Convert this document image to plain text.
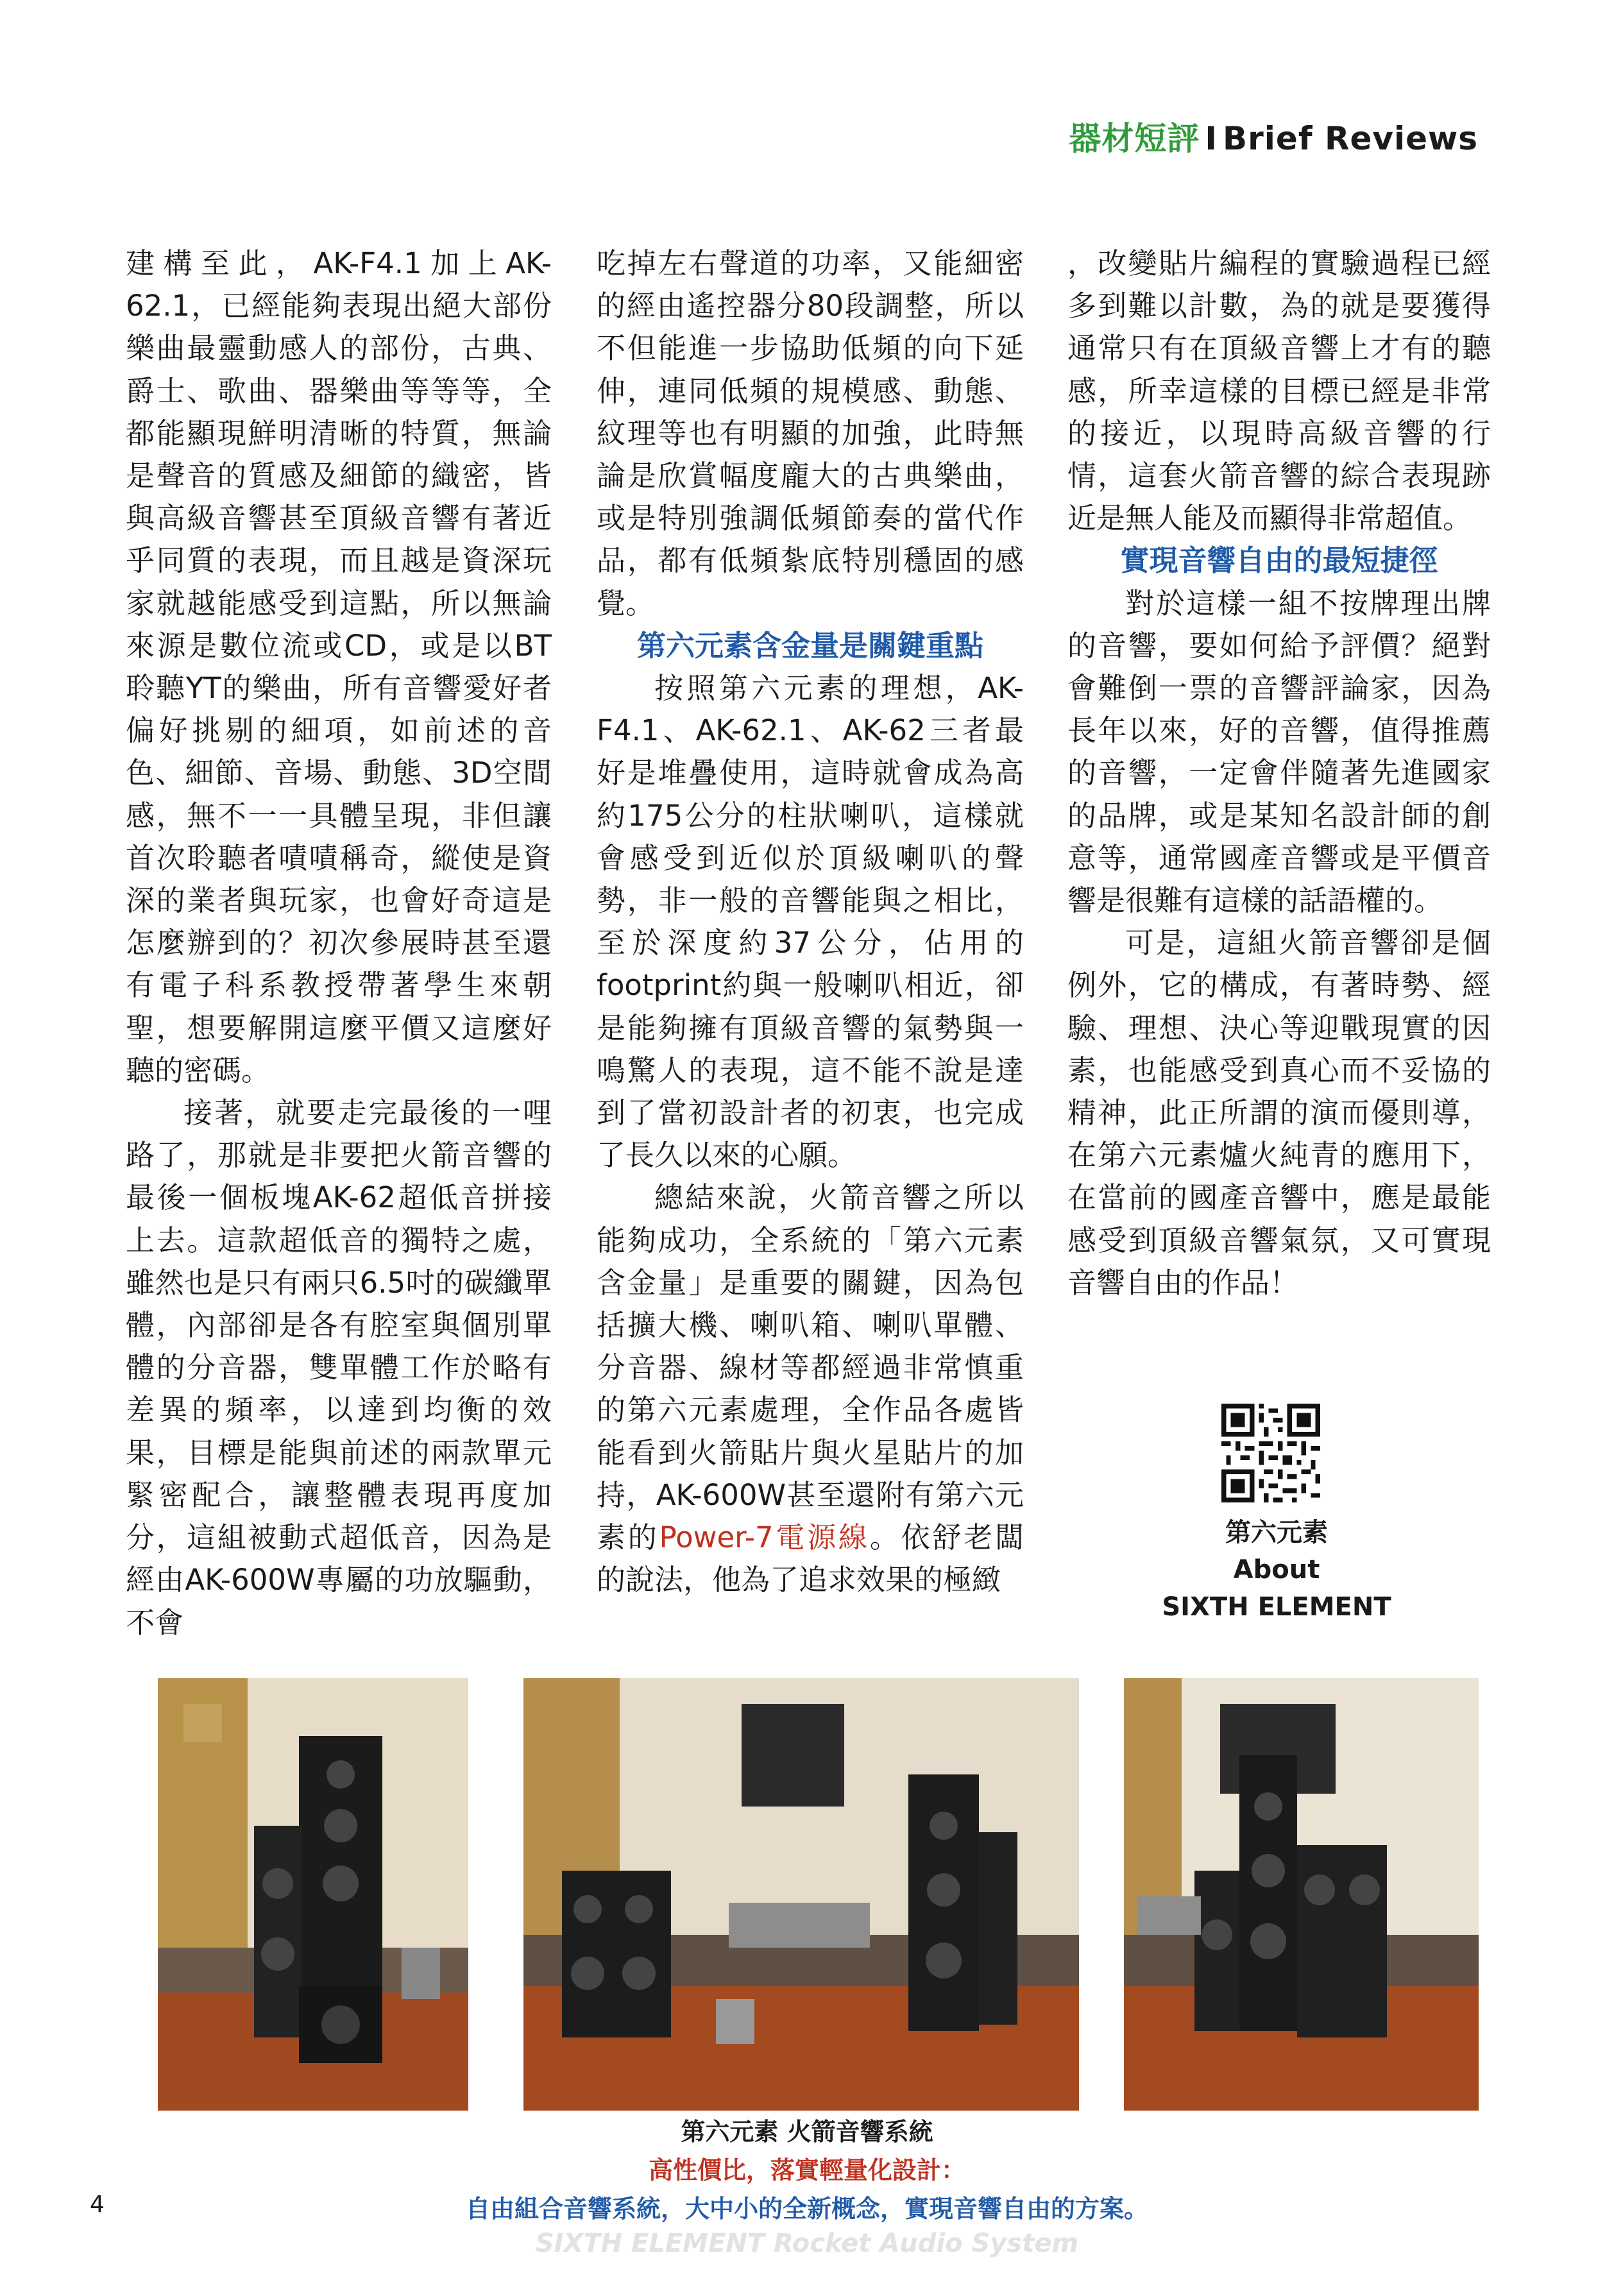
器材短評 I Brief Reviews

建構至此，AK-F4.1加上AK-62.1，已經能夠表現出絕大部份樂曲最靈動感人的部份，古典、爵士、歌曲、器樂曲等等等，全都能顯現鮮明清晰的特質，無論是聲音的質感及細節的織密，皆與高級音響甚至頂級音響有著近乎同質的表現，而且越是資深玩家就越能感受到這點，所以無論來源是數位流或CD，或是以BT聆聽YT的樂曲，所有音響愛好者偏好挑剔的細項，如前述的音色、細節、音場、動態、3D空間感，無不一一具體呈現，非但讓首次聆聽者嘖嘖稱奇，縱使是資深的業者與玩家，也會好奇這是怎麼辦到的？初次參展時甚至還有電子科系教授帶著學生來朝聖，想要解開這麼平價又這麼好聽的密碼。

接著，就要走完最後的一哩路了，那就是非要把火箭音響的最後一個板塊AK-62超低音拼接上去。這款超低音的獨特之處，雖然也是只有兩只6.5吋的碳纖單體，內部卻是各有腔室與個別單體的分音器，雙單體工作於略有差異的頻率，以達到均衡的效果，目標是能與前述的兩款單元緊密配合，讓整體表現再度加分，這組被動式超低音，因為是經由AK-600W專屬的功放驅動，不會

吃掉左右聲道的功率，又能細密的經由遙控器分80段調整，所以不但能進一步協助低頻的向下延伸，連同低頻的規模感、動態、紋理等也有明顯的加強，此時無論是欣賞幅度龐大的古典樂曲，或是特別強調低頻節奏的當代作品，都有低頻紮底特別穩固的感覺。

第六元素含金量是關鍵重點

按照第六元素的理想，AK-F4.1、AK-62.1、AK-62三者最好是堆疊使用，這時就會成為高約175公分的柱狀喇叭，這樣就會感受到近似於頂級喇叭的聲勢，非一般的音響能與之相比，至於深度約37公分，佔用的footprint約與一般喇叭相近，卻是能夠擁有頂級音響的氣勢與一鳴驚人的表現，這不能不說是達到了當初設計者的初衷，也完成了長久以來的心願。

總結來說，火箭音響之所以能夠成功，全系統的「第六元素含金量」是重要的關鍵，因為包括擴大機、喇叭箱、喇叭單體、分音器、線材等都經過非常慎重的第六元素處理，全作品各處皆能看到火箭貼片與火星貼片的加持，AK-600W甚至還附有第六元素的Power-7電源線。依舒老闆的說法，他為了追求效果的極緻

，改變貼片編程的實驗過程已經多到難以計數，為的就是要獲得通常只有在頂級音響上才有的聽感，所幸這樣的目標已經是非常的接近，以現時高級音響的行情，這套火箭音響的綜合表現跡近是無人能及而顯得非常超值。

實現音響自由的最短捷徑

對於這樣一組不按牌理出牌的音響，要如何給予評價？絕對會難倒一票的音響評論家，因為長年以來，好的音響，值得推薦的音響，一定會伴隨著先進國家的品牌，或是某知名設計師的創意等，通常國產音響或是平價音響是很難有這樣的話語權的。

可是，這組火箭音響卻是個例外，它的構成，有著時勢、經驗、理想、決心等迎戰現實的因素，也能感受到真心而不妥協的精神，此正所謂的演而優則導，在第六元素爐火純青的應用下，在當前的國產音響中，應是最能感受到頂級音響氣氛，又可實現音響自由的作品！

第六元素
About
SIXTH ELEMENT
第六元素 火箭音響系統
高性價比，落實輕量化設計：
自由組合音響系統，大中小的全新概念，實現音響自由的方案。
SIXTH ELEMENT Rocket Audio System
4
